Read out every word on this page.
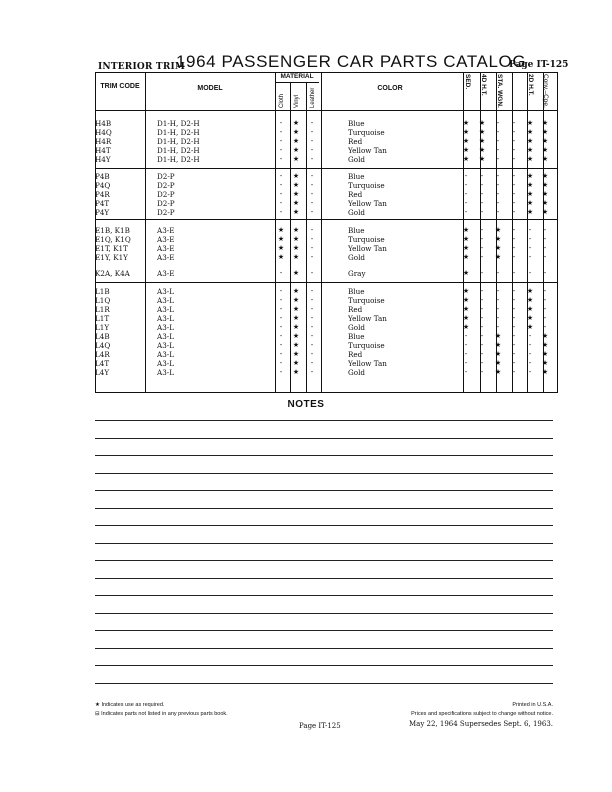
INTERIOR TRIM
1964 PASSENGER CAR PARTS CATALOG
Page IT-125
TRIM CODE	MODEL
MATERIAL
Cloth Vinyl Leather	COLOR	SED. 4D H.T. STA. WGN.	2D H.T. Conv.–Cpe.
H4B	D1-H, D2-H	-	★	-	Blue	★	★	-	-	★	★
H4Q	D1-H, D2-H	-	★	-	Turquoise	★	★	-	-	★	★
H4R	D1-H, D2-H	-	★	-	Red	★	★	-	-	★	★
H4T	D1-H, D2-H	-	★	-	Yellow Tan	★	★	-	-	★	★
H4Y	D1-H, D2-H	-	★	-	Gold	★	★	-	-	★	★
P4B	D2-P	-	★	-	Blue	-	-	-	-	★	★
P4Q	D2-P	-	★	-	Turquoise	-	-	-	-	★	★
P4R	D2-P	-	★	-	Red	-	-	-	-	★	★
P4T	D2-P	-	★	-	Yellow Tan	-	-	-	-	★	★
P4Y	D2-P	-	★	-	Gold	-	-	-	-	★	★
E1B, K1B	A3-E	★	★	-	Blue	★	-	★	-	-	-
E1Q, K1Q	A3-E	★	★	-	Turquoise	★	-	★	-	-	-
E1T, K1T	A3-E	★	★	-	Yellow Tan	★	-	★	-	-	-
E1Y, K1Y	A3-E	★	★	-	Gold	★	-	★	-	-	-
K2A, K4A	A3-E	-	★	-	Gray	★	-	-	-	-	-
L1B	A3-L	-	★	-	Blue	★	-	-	-	★	-
L1Q	A3-L	-	★	-	Turquoise	★	-	-	-	★	-
L1R	A3-L	-	★	-	Red	★	-	-	-	★	-
L1T	A3-L	-	★	-	Yellow Tan	★	-	-	-	★	-
L1Y	A3-L	-	★	-	Gold	★	-	-	-	★	-
L4B	A3-L	-	★	-	Blue	-	-	★	-	-	★
L4Q	A3-L	-	★	-	Turquoise	-	-	★	-	-	★
L4R	A3-L	-	★	-	Red	-	-	★	-	-	★
L4T	A3-L	-	★	-	Yellow Tan	-	-	★	-	-	★
L4Y	A3-L	-	★	-	Gold	-	-	★	-	-	★
NOTES
★ Indicates use as required.
⊟ Indicates parts not listed in any previous parts book.
Page IT-125
Printed in U.S.A.
Prices and specifications subject to change without notice.
May 22, 1964 Supersedes Sept. 6, 1963.
